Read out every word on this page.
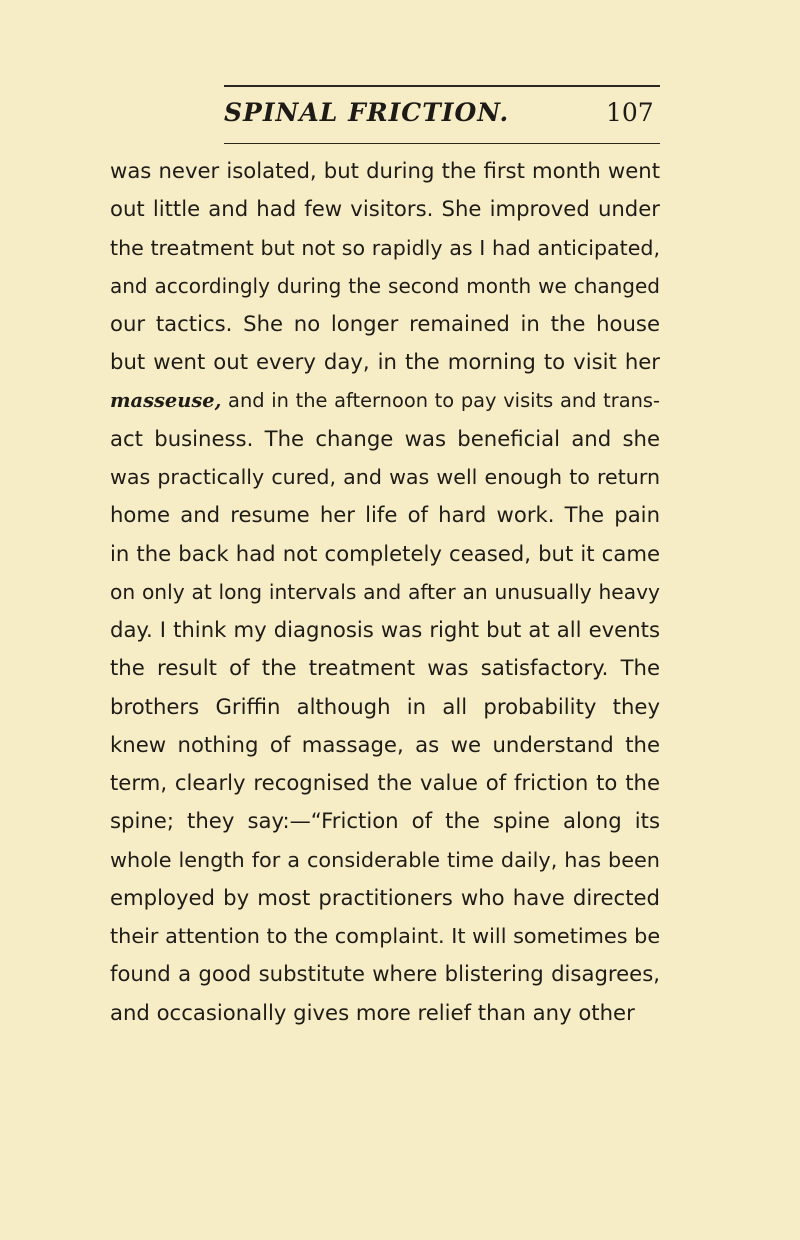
SPINAL FRICTION.	107
was never isolated, but during the first month went
out little and had few visitors. She improved under
the treatment but not so rapidly as I had anticipated,
and accordingly during the second month we changed
our tactics. She no longer remained in the house
but went out every day, in the morning to visit her
masseuse, and in the afternoon to pay visits and trans-
act business. The change was beneficial and she
was practically cured, and was well enough to return
home and resume her life of hard work. The pain
in the back had not completely ceased, but it came
on only at long intervals and after an unusually heavy
day. I think my diagnosis was right but at all events
the result of the treatment was satisfactory. The
brothers Griffin although in all probability they
knew nothing of massage, as we understand the
term, clearly recognised the value of friction to the
spine; they say:—“Friction of the spine along its
whole length for a considerable time daily, has been
employed by most practitioners who have directed
their attention to the complaint. It will sometimes be
found a good substitute where blistering disagrees,
and occasionally gives more relief than any other
